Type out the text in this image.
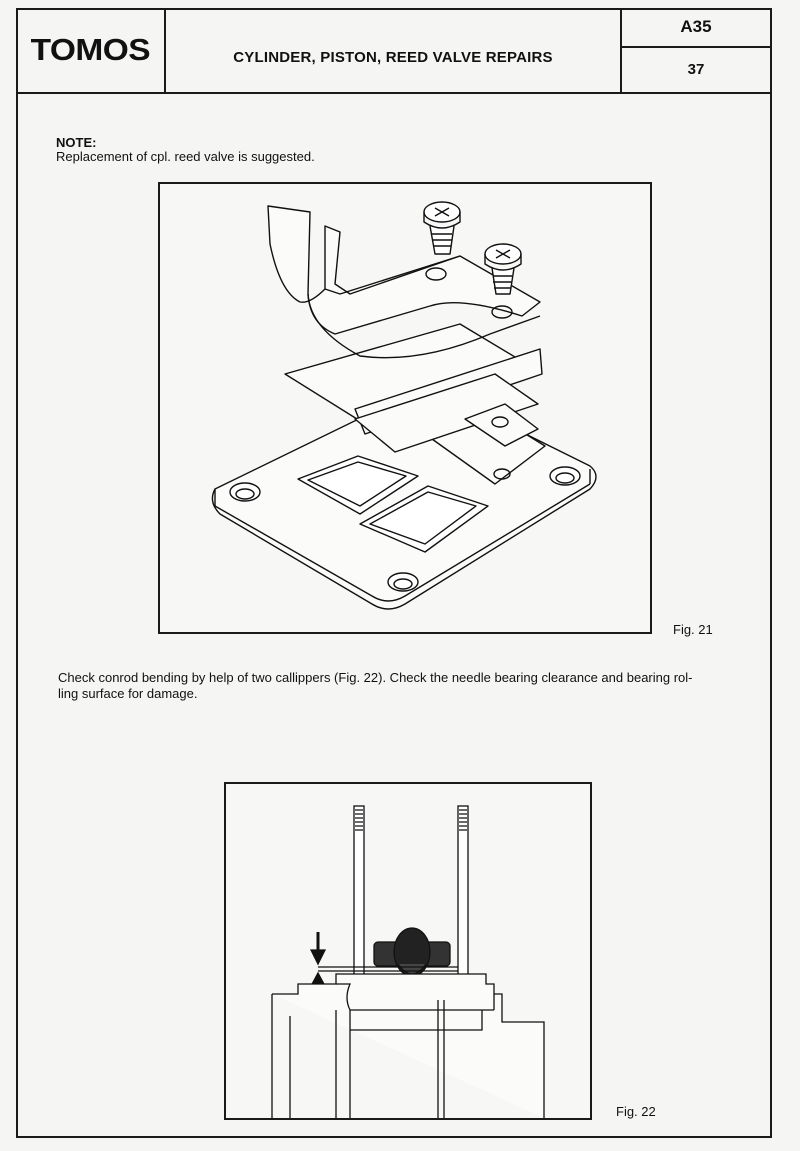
TOMOS	CYLINDER, PISTON, REED VALVE REPAIRS
A35
37
NOTE:
Replacement of cpl. reed valve is suggested.
Fig. 21
Check conrod bending by help of two callippers (Fig. 22). Check the needle bearing clearance and bearing rol-
ling surface for damage.
Fig. 22
